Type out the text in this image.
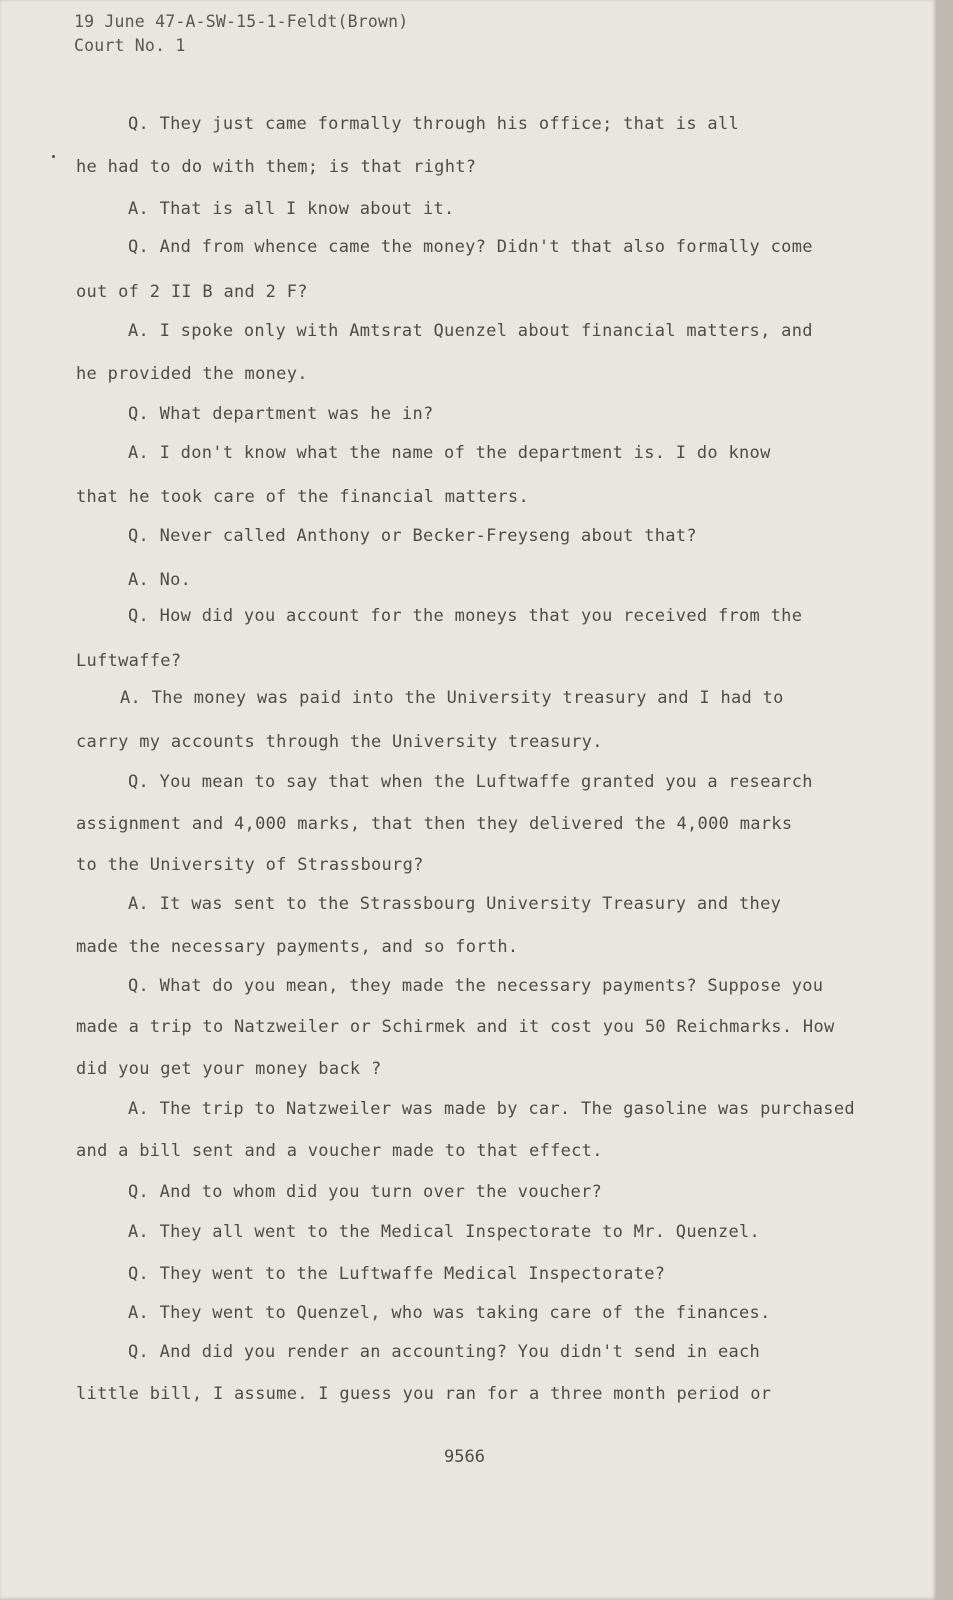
19 June 47-A-SW-15-1-Feldt(Brown)
Court No. 1
Q. They just came formally through his office; that is all
he had to do with them; is that right?
A. That is all I know about it.
Q. And from whence came the money? Didn't that also formally come
out of 2 II B and 2 F?
A. I spoke only with Amtsrat Quenzel about financial matters, and
he provided the money.
Q. What department was he in?
A. I don't know what the name of the department is. I do know
that he took care of the financial matters.
Q. Never called Anthony or Becker-Freyseng about that?
A. No.
Q. How did you account for the moneys that you received from the
Luftwaffe?
A. The money was paid into the University treasury and I had to
carry my accounts through the University treasury.
Q. You mean to say that when the Luftwaffe granted you a research
assignment and 4,000 marks, that then they delivered the 4,000 marks
to the University of Strassbourg?
A. It was sent to the Strassbourg University Treasury and they
made the necessary payments, and so forth.
Q. What do you mean, they made the necessary payments? Suppose you
made a trip to Natzweiler or Schirmek and it cost you 50 Reichmarks. How
did you get your money back ?
A. The trip to Natzweiler was made by car. The gasoline was purchased
and a bill sent and a voucher made to that effect.
Q. And to whom did you turn over the voucher?
A. They all went to the Medical Inspectorate to Mr. Quenzel.
Q. They went to the Luftwaffe Medical Inspectorate?
A. They went to Quenzel, who was taking care of the finances.
Q. And did you render an accounting? You didn't send in each
little bill, I assume. I guess you ran for a three month period or
9566
